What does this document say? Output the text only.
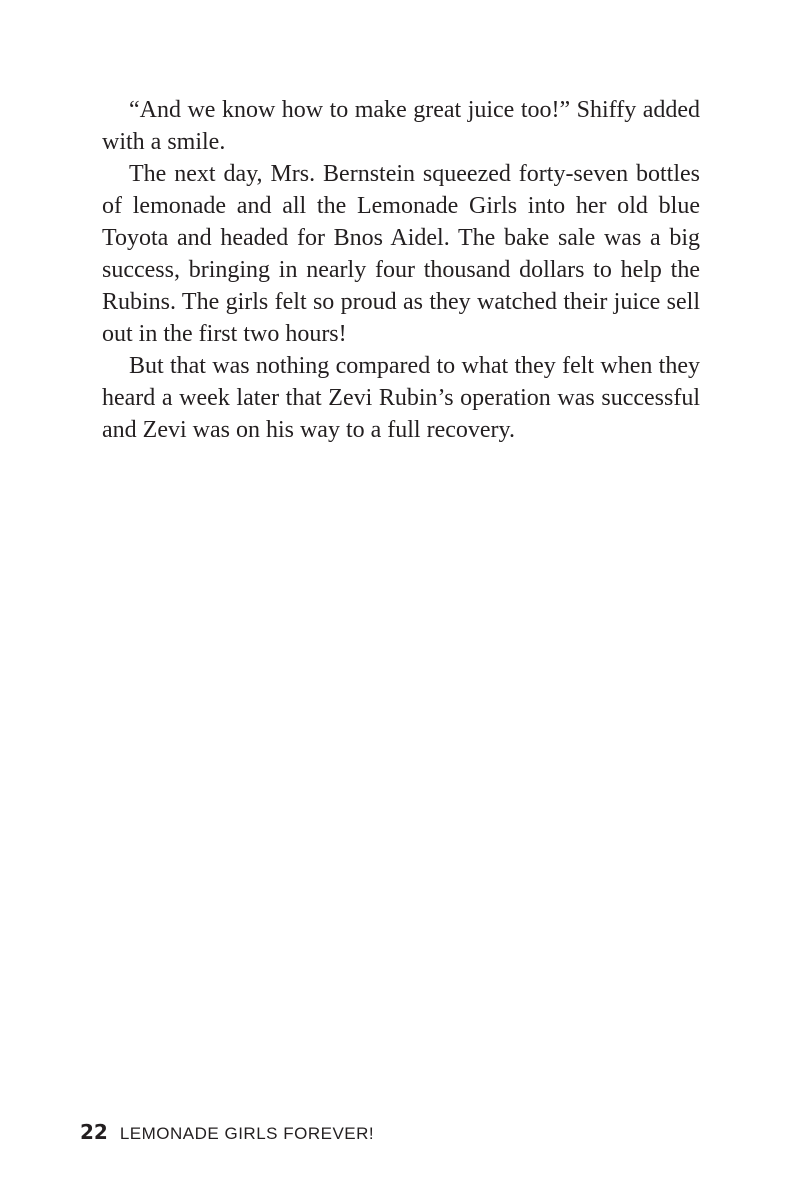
“And we know how to make great juice too!” Shiffy added with a smile.

The next day, Mrs. Bernstein squeezed forty-seven bottles of lemonade and all the Lemonade Girls into her old blue Toyota and headed for Bnos Aidel. The bake sale was a big success, bringing in nearly four thousand dollars to help the Rubins. The girls felt so proud as they watched their juice sell out in the first two hours!

But that was nothing compared to what they felt when they heard a week later that Zevi Rubin’s operation was successful and Zevi was on his way to a full recovery.

22 LEMONADE GIRLS FOREVER!
